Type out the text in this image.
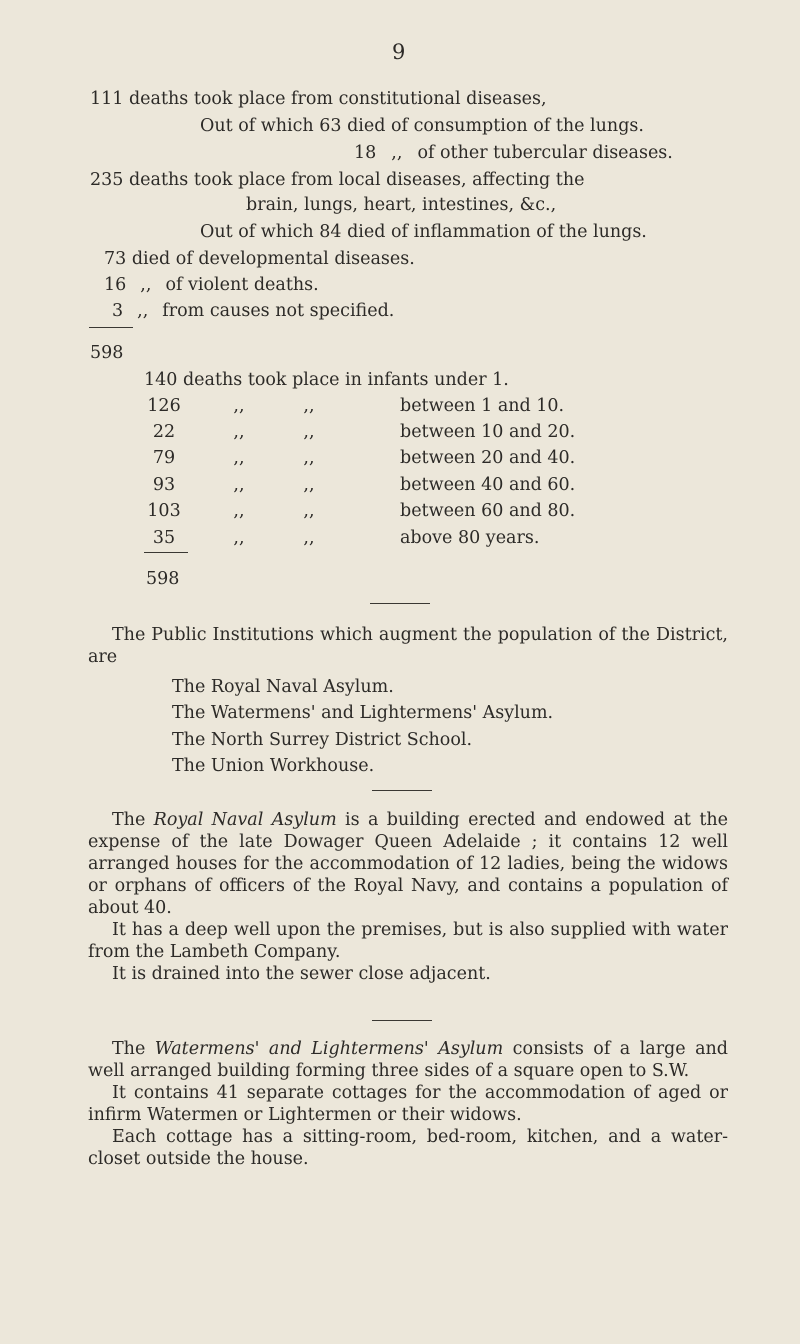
9
111 deaths took place from constitutional diseases,
Out of which 63 died of consumption of the lungs.
18 ,, of other tubercular diseases.
235 deaths took place from local diseases, affecting the
brain, lungs, heart, intestines, &c.,
Out of which 84 died of inflammation of the lungs.
73 died of developmental diseases.
16 ,, of violent deaths.
3 ,, from causes not specified.
598
140 deaths took place in infants under 1.
126	,,	,,	between 1 and 10.
22	,,	,,	between 10 and 20.
79	,,	,,	between 20 and 40.
93	,,	,,	between 40 and 60.
103	,,	,,	between 60 and 80.
35	,,	,,	above 80 years.
598

The Public Institutions which augment the population of the District, are

The Royal Naval Asylum.
The Watermens' and Lightermens' Asylum.
The North Surrey District School.
The Union Workhouse.

The Royal Naval Asylum is a building erected and endowed at the expense of the late Dowager Queen Adelaide ; it contains 12 well arranged houses for the accommodation of 12 ladies, being the widows or orphans of officers of the Royal Navy, and contains a population of about 40.

It has a deep well upon the premises, but is also supplied with water from the Lambeth Company.

It is drained into the sewer close adjacent.

The Watermens' and Lightermens' Asylum consists of a large and well arranged building forming three sides of a square open to S.W.

It contains 41 separate cottages for the accommodation of aged or infirm Watermen or Lightermen or their widows.

Each cottage has a sitting-room, bed-room, kitchen, and a water-closet outside the house.
